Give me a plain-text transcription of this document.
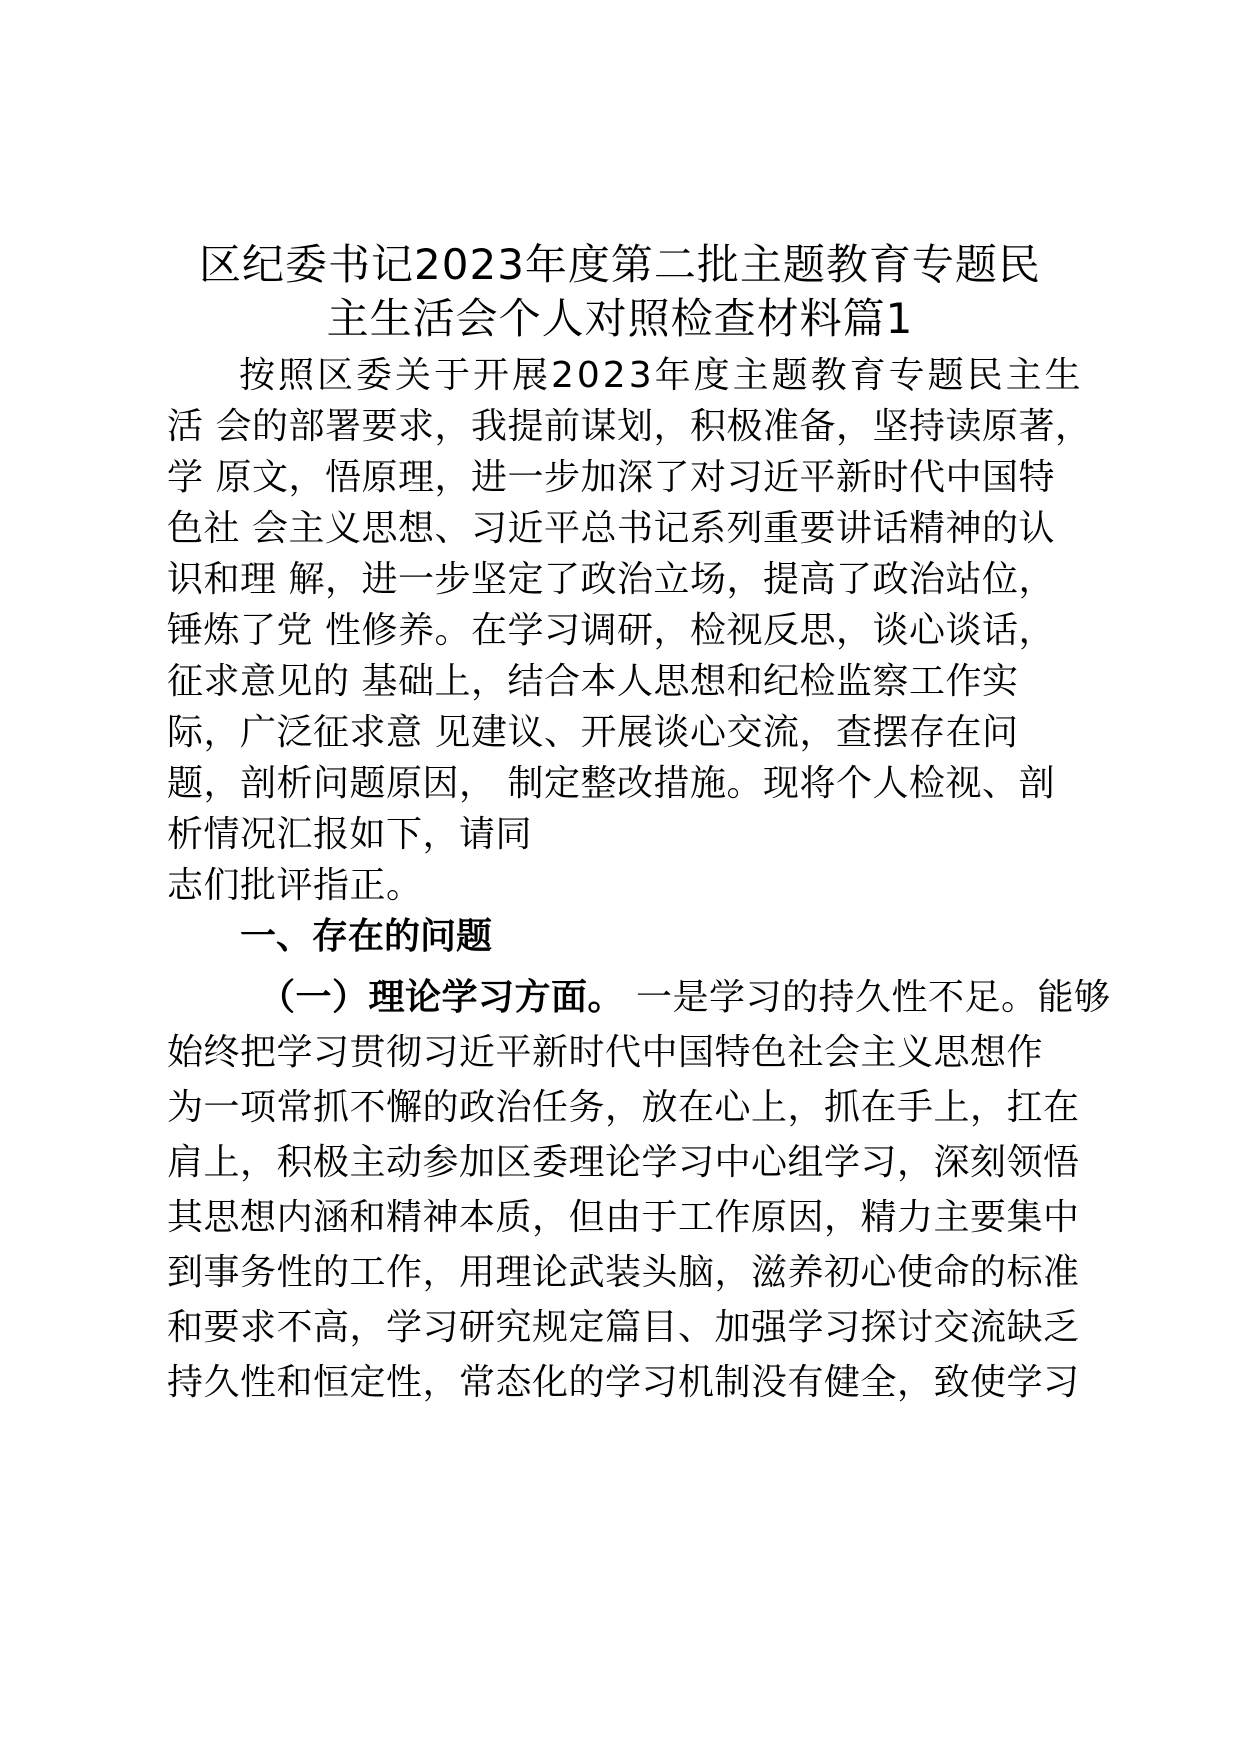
区纪委书记2023年度第二批主题教育专题民
主生活会个人对照检查材料篇1
按照区委关于开展2023年度主题教育专题民主生
活 会的部署要求，我提前谋划，积极准备，坚持读原著，
学 原文，悟原理，进一步加深了对习近平新时代中国特
色社 会主义思想、习近平总书记系列重要讲话精神的认
识和理 解，进一步坚定了政治立场，提高了政治站位，
锤炼了党 性修养。在学习调研，检视反思，谈心谈话，
征求意见的 基础上，结合本人思想和纪检监察工作实
际，广泛征求意 见建议、开展谈心交流，查摆存在问
题，剖析问题原因， 制定整改措施。现将个人检视、剖
析情况汇报如下，请同
志们批评指正。
一、存在的问题
（一）理论学习方面。 一是学习的持久性不足。能够
始终把学习贯彻习近平新时代中国特色社会主义思想作
为一项常抓不懈的政治任务，放在心上，抓在手上，扛在
肩上，积极主动参加区委理论学习中心组学习，深刻领悟
其思想内涵和精神本质，但由于工作原因，精力主要集中
到事务性的工作，用理论武装头脑，滋养初心使命的标准
和要求不高，学习研究规定篇目、加强学习探讨交流缺乏
持久性和恒定性，常态化的学习机制没有健全，致使学习
